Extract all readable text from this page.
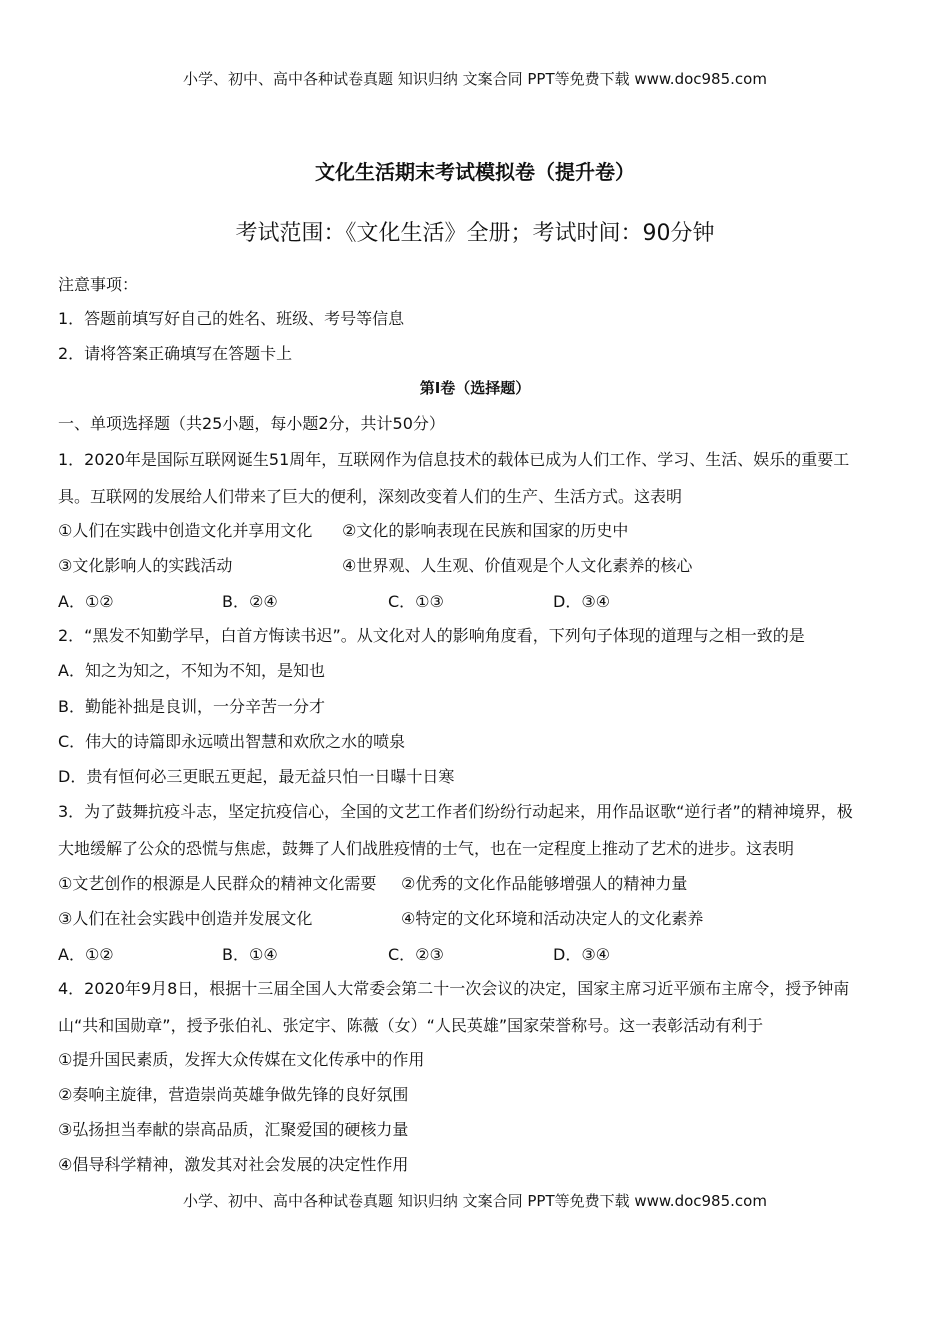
小学、初中、高中各种试卷真题 知识归纳 文案合同 PPT等免费下载 www.doc985.com
文化生活期末考试模拟卷（提升卷）
考试范围：《文化生活》全册；考试时间：90分钟
注意事项：
1．答题前填写好自己的姓名、班级、考号等信息
2．请将答案正确填写在答题卡上
第Ⅰ卷（选择题）
一、单项选择题（共25小题，每小题2分，共计50分）
1．2020年是国际互联网诞生51周年，互联网作为信息技术的载体已成为人们工作、学习、生活、娱乐的重要工
具。互联网的发展给人们带来了巨大的便利，深刻改变着人们的生产、生活方式。这表明
①人们在实践中创造文化并享用文化 ②文化的影响表现在民族和国家的历史中
③文化影响人的实践活动	④世界观、人生观、价值观是个人文化素养的核心
A．①②	B．②④	C．①③	D．③④
2．“黑发不知勤学早，白首方悔读书迟”。从文化对人的影响角度看，下列句子体现的道理与之相一致的是
A．知之为知之，不知为不知，是知也
B．勤能补拙是良训，一分辛苦一分才
C．伟大的诗篇即永远喷出智慧和欢欣之水的喷泉
D．贵有恒何必三更眠五更起，最无益只怕一日曝十日寒
3．为了鼓舞抗疫斗志，坚定抗疫信心，全国的文艺工作者们纷纷行动起来，用作品讴歌“逆行者”的精神境界，极
大地缓解了公众的恐慌与焦虑，鼓舞了人们战胜疫情的士气，也在一定程度上推动了艺术的进步。这表明
①文艺创作的根源是人民群众的精神文化需要 ②优秀的文化作品能够增强人的精神力量
③人们在社会实践中创造并发展文化	④特定的文化环境和活动决定人的文化素养
A．①②	B．①④	C．②③	D．③④
4．2020年9月8日，根据十三届全国人大常委会第二十一次会议的决定，国家主席习近平颁布主席令，授予钟南
山“共和国勋章”，授予张伯礼、张定宇、陈薇（女）“人民英雄”国家荣誉称号。这一表彰活动有利于
①提升国民素质，发挥大众传媒在文化传承中的作用
②奏响主旋律，营造崇尚英雄争做先锋的良好氛围
③弘扬担当奉献的崇高品质，汇聚爱国的硬核力量
④倡导科学精神，激发其对社会发展的决定性作用
小学、初中、高中各种试卷真题 知识归纳 文案合同 PPT等免费下载 www.doc985.com
